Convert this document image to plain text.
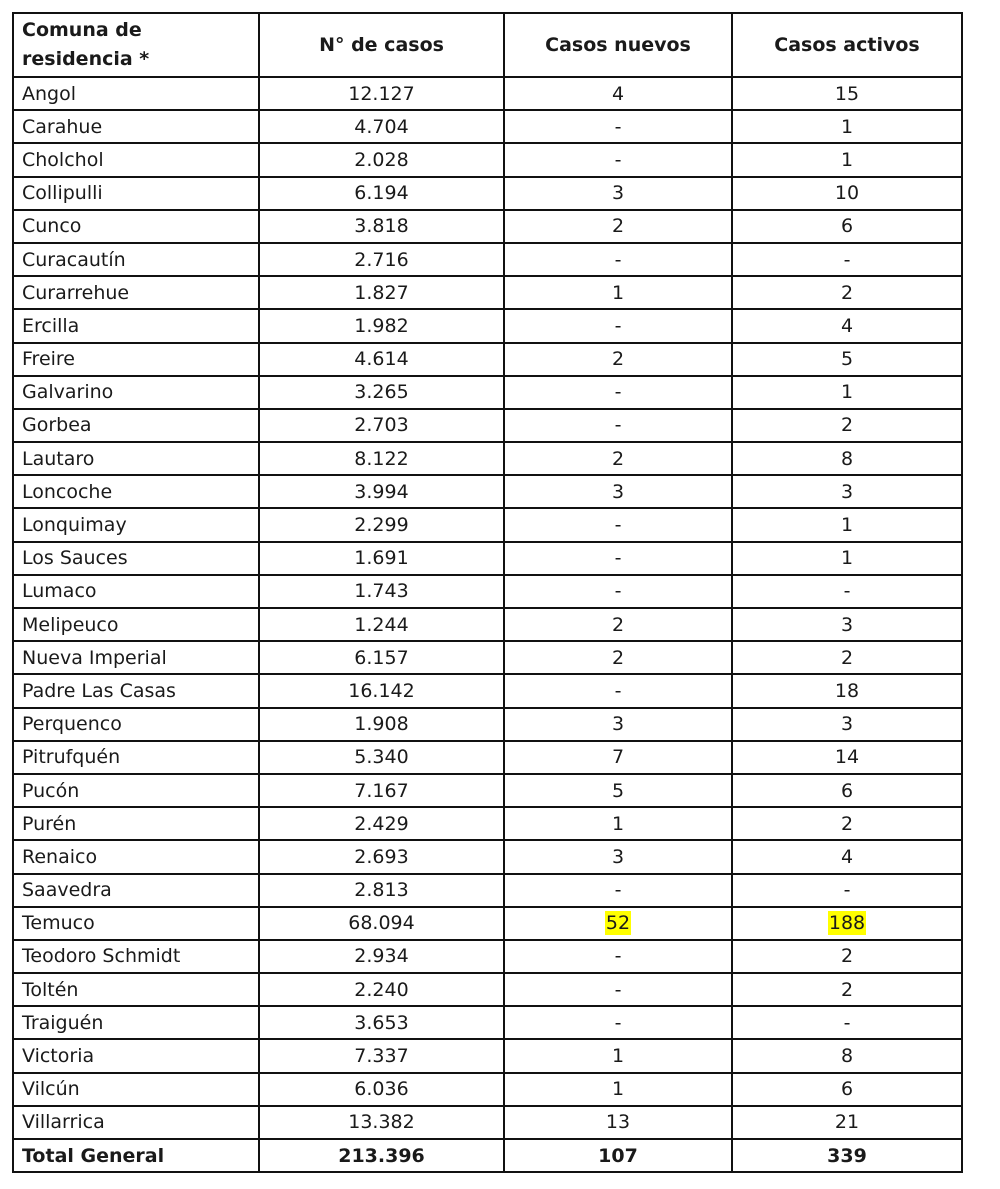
Comuna de residencia *	N° de casos	Casos nuevos	Casos activos
Angol	12.127	4	15
Carahue	4.704	-	1
Cholchol	2.028	-	1
Collipulli	6.194	3	10
Cunco	3.818	2	6
Curacautín	2.716	-	-
Curarrehue	1.827	1	2
Ercilla	1.982	-	4
Freire	4.614	2	5
Galvarino	3.265	-	1
Gorbea	2.703	-	2
Lautaro	8.122	2	8
Loncoche	3.994	3	3
Lonquimay	2.299	-	1
Los Sauces	1.691	-	1
Lumaco	1.743	-	-
Melipeuco	1.244	2	3
Nueva Imperial	6.157	2	2
Padre Las Casas	16.142	-	18
Perquenco	1.908	3	3
Pitrufquén	5.340	7	14
Pucón	7.167	5	6
Purén	2.429	1	2
Renaico	2.693	3	4
Saavedra	2.813	-	-
Temuco	68.094	52	188
Teodoro Schmidt	2.934	-	2
Toltén	2.240	-	2
Traiguén	3.653	-	-
Victoria	7.337	1	8
Vilcún	6.036	1	6
Villarrica	13.382	13	21
Total General	213.396	107	339
